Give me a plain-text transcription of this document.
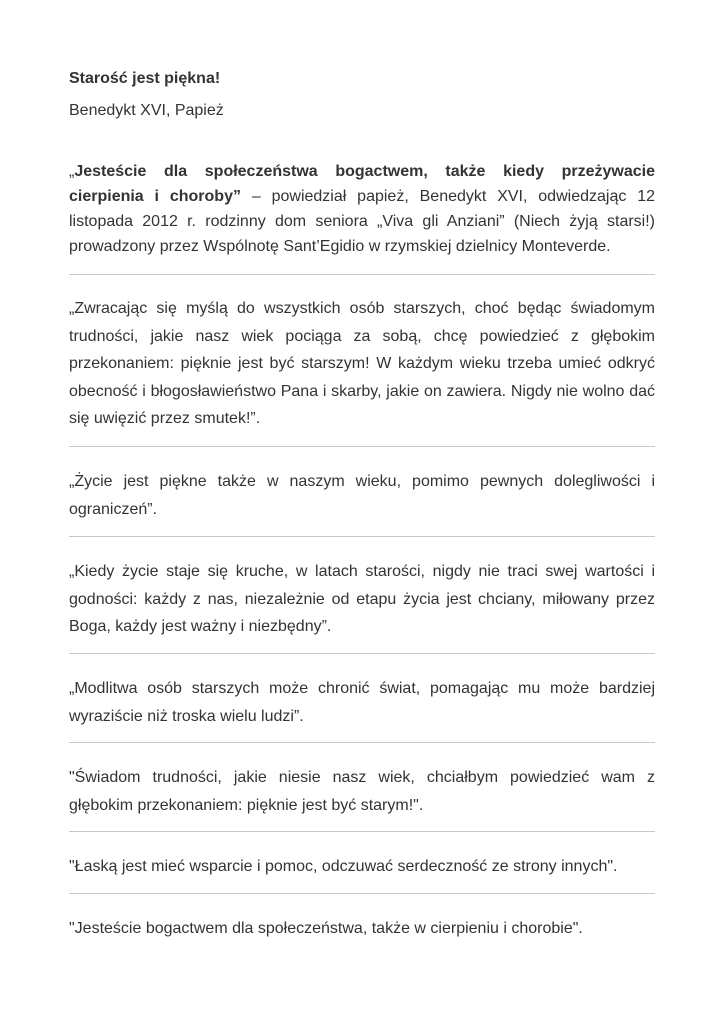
Starość jest piękna!
Benedykt XVI, Papież
„Jesteście dla społeczeństwa bogactwem, także kiedy przeżywacie cierpienia i choroby” – powiedział papież, Benedykt XVI, odwiedzając 12 listopada 2012 r. rodzinny dom seniora „Viva gli Anziani” (Niech żyją starsi!) prowadzony przez Wspólnotę Sant’Egidio w rzymskiej dzielnicy Monteverde.
„Zwracając się myślą do wszystkich osób starszych, choć będąc świadomym trudności, jakie nasz wiek pociąga za sobą, chcę powiedzieć z głębokim przekonaniem: pięknie jest być starszym! W każdym wieku trzeba umieć odkryć obecność i błogosławieństwo Pana i skarby, jakie on zawiera. Nigdy nie wolno dać się uwięzić przez smutek!”.
„Życie jest piękne także w naszym wieku, pomimo pewnych dolegliwości i ograniczeń”.
„Kiedy życie staje się kruche, w latach starości, nigdy nie traci swej wartości i godności: każdy z nas, niezależnie od etapu życia jest chciany, miłowany przez Boga, każdy jest ważny i niezbędny”.
„Modlitwa osób starszych może chronić świat, pomagając mu może bardziej wyraziście niż troska wielu ludzi”.
"Świadom trudności, jakie niesie nasz wiek, chciałbym powiedzieć wam z głębokim przekonaniem: pięknie jest być starym!".
"Łaską jest mieć wsparcie i pomoc, odczuwać serdeczność ze strony innych".
"Jesteście bogactwem dla społeczeństwa, także w cierpieniu i chorobie".
